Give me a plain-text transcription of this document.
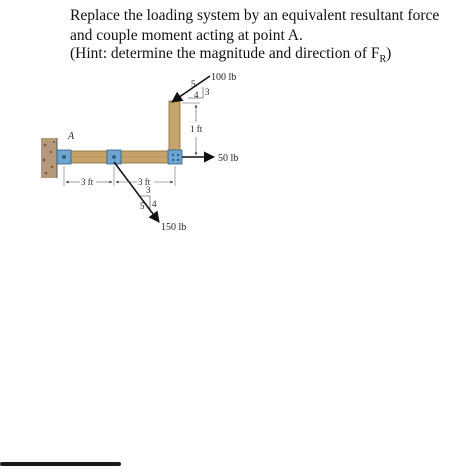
Replace the loading system by an equivalent resultant force and couple moment acting at point A.
(Hint: determine the magnitude and direction of $F_R$)
A
100 lb
5
3
4
1 ft
50 lb
150 lb
3
4
5
3 ft	3 ft
